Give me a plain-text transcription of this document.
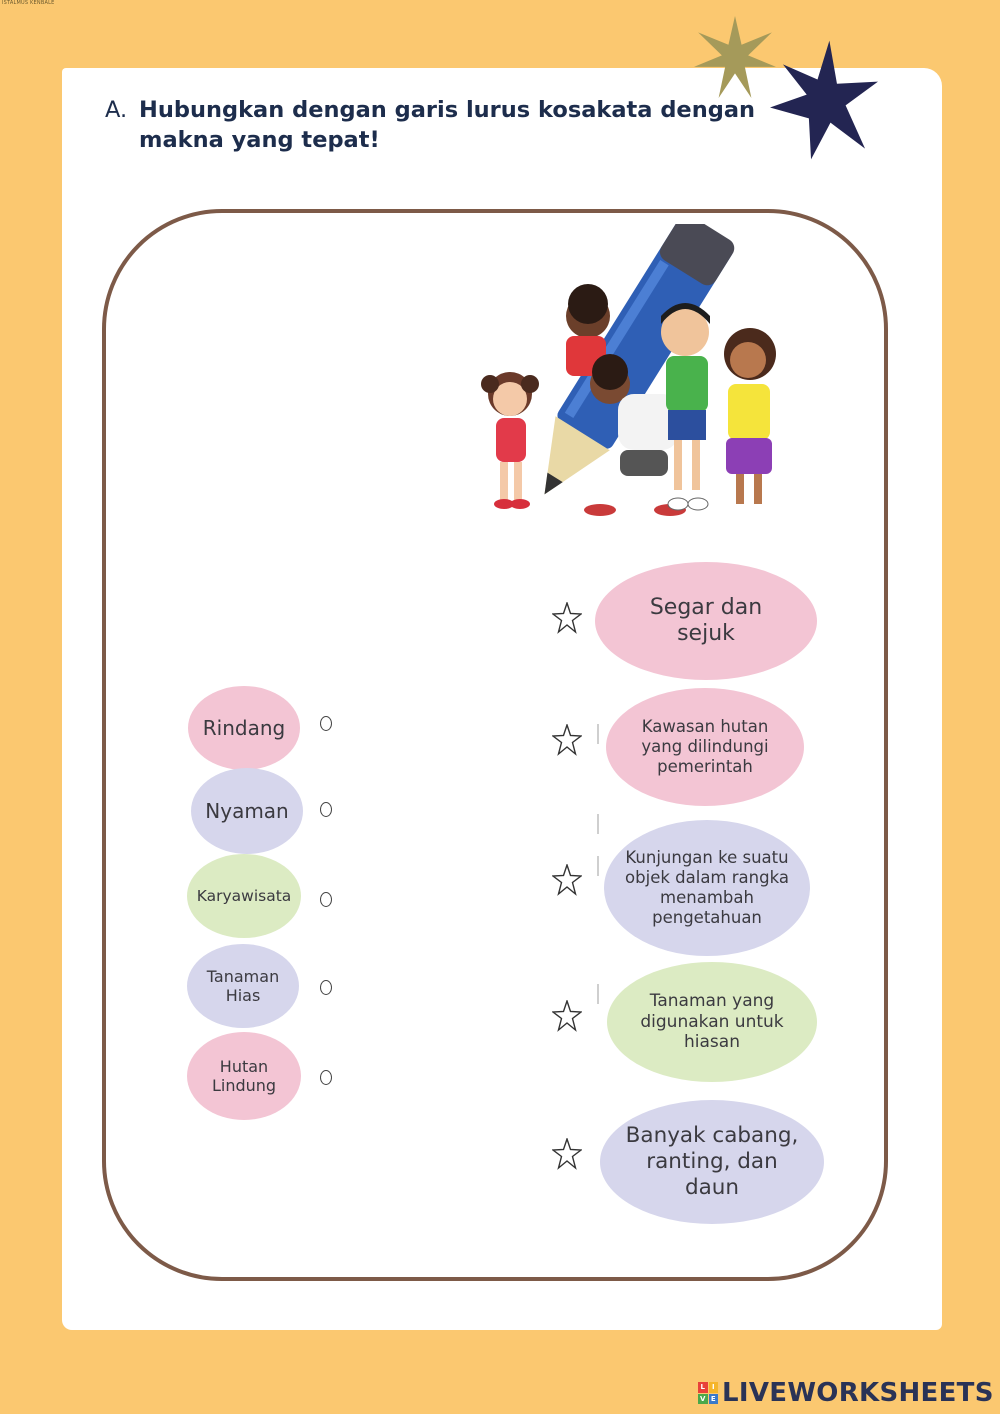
ISTALMUS KENBALE
A. Hubungkan dengan garis lurus kosakata dengan makna yang tepat!
Rindang
Nyaman
Karyawisata
Tanaman Hias
Hutan Lindung
Segar dan sejuk
Kawasan hutan yang dilindungi pemerintah
Kunjungan ke suatu objek dalam rangka menambah pengetahuan
Tanaman yang digunakan untuk hiasan
Banyak cabang, ranting, dan daun
L I
V E LIVEWORKSHEETS
